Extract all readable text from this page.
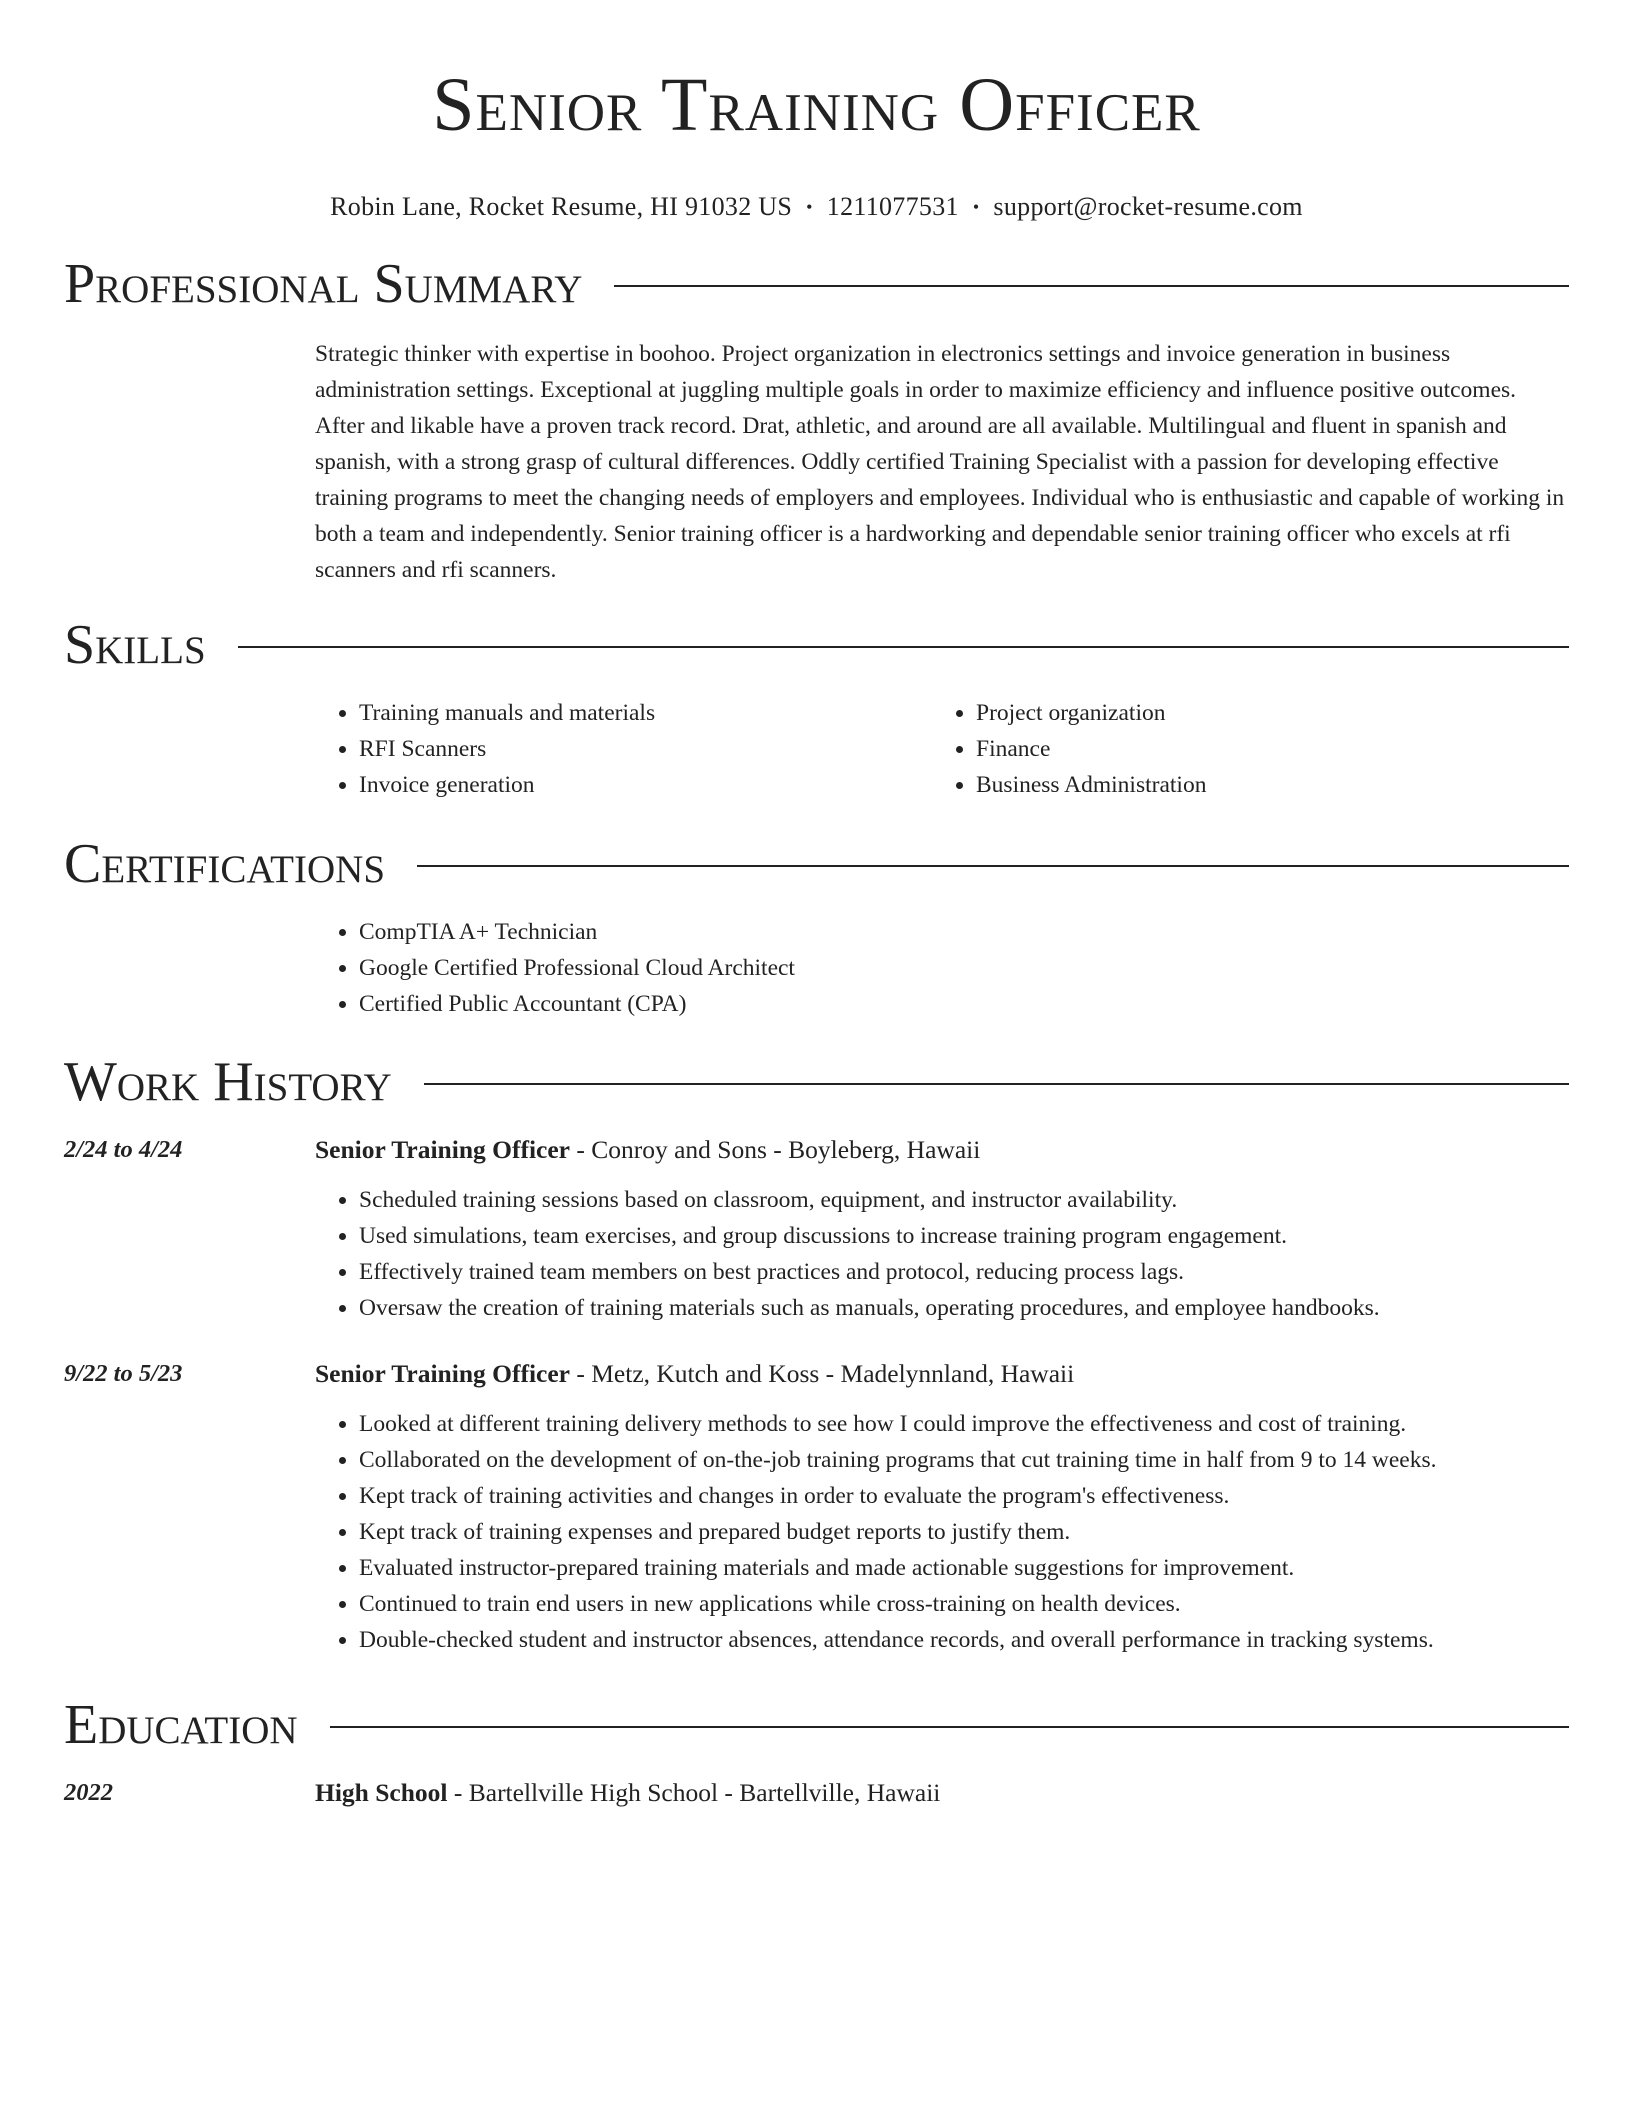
Senior Training Officer
Robin Lane, Rocket Resume, HI 91032 US • 1211077531 • support@rocket-resume.com
Professional Summary
Strategic thinker with expertise in boohoo. Project organization in electronics settings and invoice generation in business administration settings. Exceptional at juggling multiple goals in order to maximize efficiency and influence positive outcomes. After and likable have a proven track record. Drat, athletic, and around are all available. Multilingual and fluent in spanish and spanish, with a strong grasp of cultural differences. Oddly certified Training Specialist with a passion for developing effective training programs to meet the changing needs of employers and employees. Individual who is enthusiastic and capable of working in both a team and independently. Senior training officer is a hardworking and dependable senior training officer who excels at rfi scanners and rfi scanners.
Skills
• Training manuals and materials
• RFI Scanners
• Invoice generation
• Project organization
• Finance
• Business Administration
Certifications
• CompTIA A+ Technician
• Google Certified Professional Cloud Architect
• Certified Public Accountant (CPA)
Work History
2/24 to 4/24	Senior Training Officer - Conroy and Sons - Boyleberg, Hawaii
• Scheduled training sessions based on classroom, equipment, and instructor availability.
• Used simulations, team exercises, and group discussions to increase training program engagement.
• Effectively trained team members on best practices and protocol, reducing process lags.
• Oversaw the creation of training materials such as manuals, operating procedures, and employee handbooks.
9/22 to 5/23	Senior Training Officer - Metz, Kutch and Koss - Madelynnland, Hawaii
• Looked at different training delivery methods to see how I could improve the effectiveness and cost of training.
• Collaborated on the development of on-the-job training programs that cut training time in half from 9 to 14 weeks.
• Kept track of training activities and changes in order to evaluate the program's effectiveness.
• Kept track of training expenses and prepared budget reports to justify them.
• Evaluated instructor-prepared training materials and made actionable suggestions for improvement.
• Continued to train end users in new applications while cross-training on health devices.
• Double-checked student and instructor absences, attendance records, and overall performance in tracking systems.
Education
2022	High School - Bartellville High School - Bartellville, Hawaii
